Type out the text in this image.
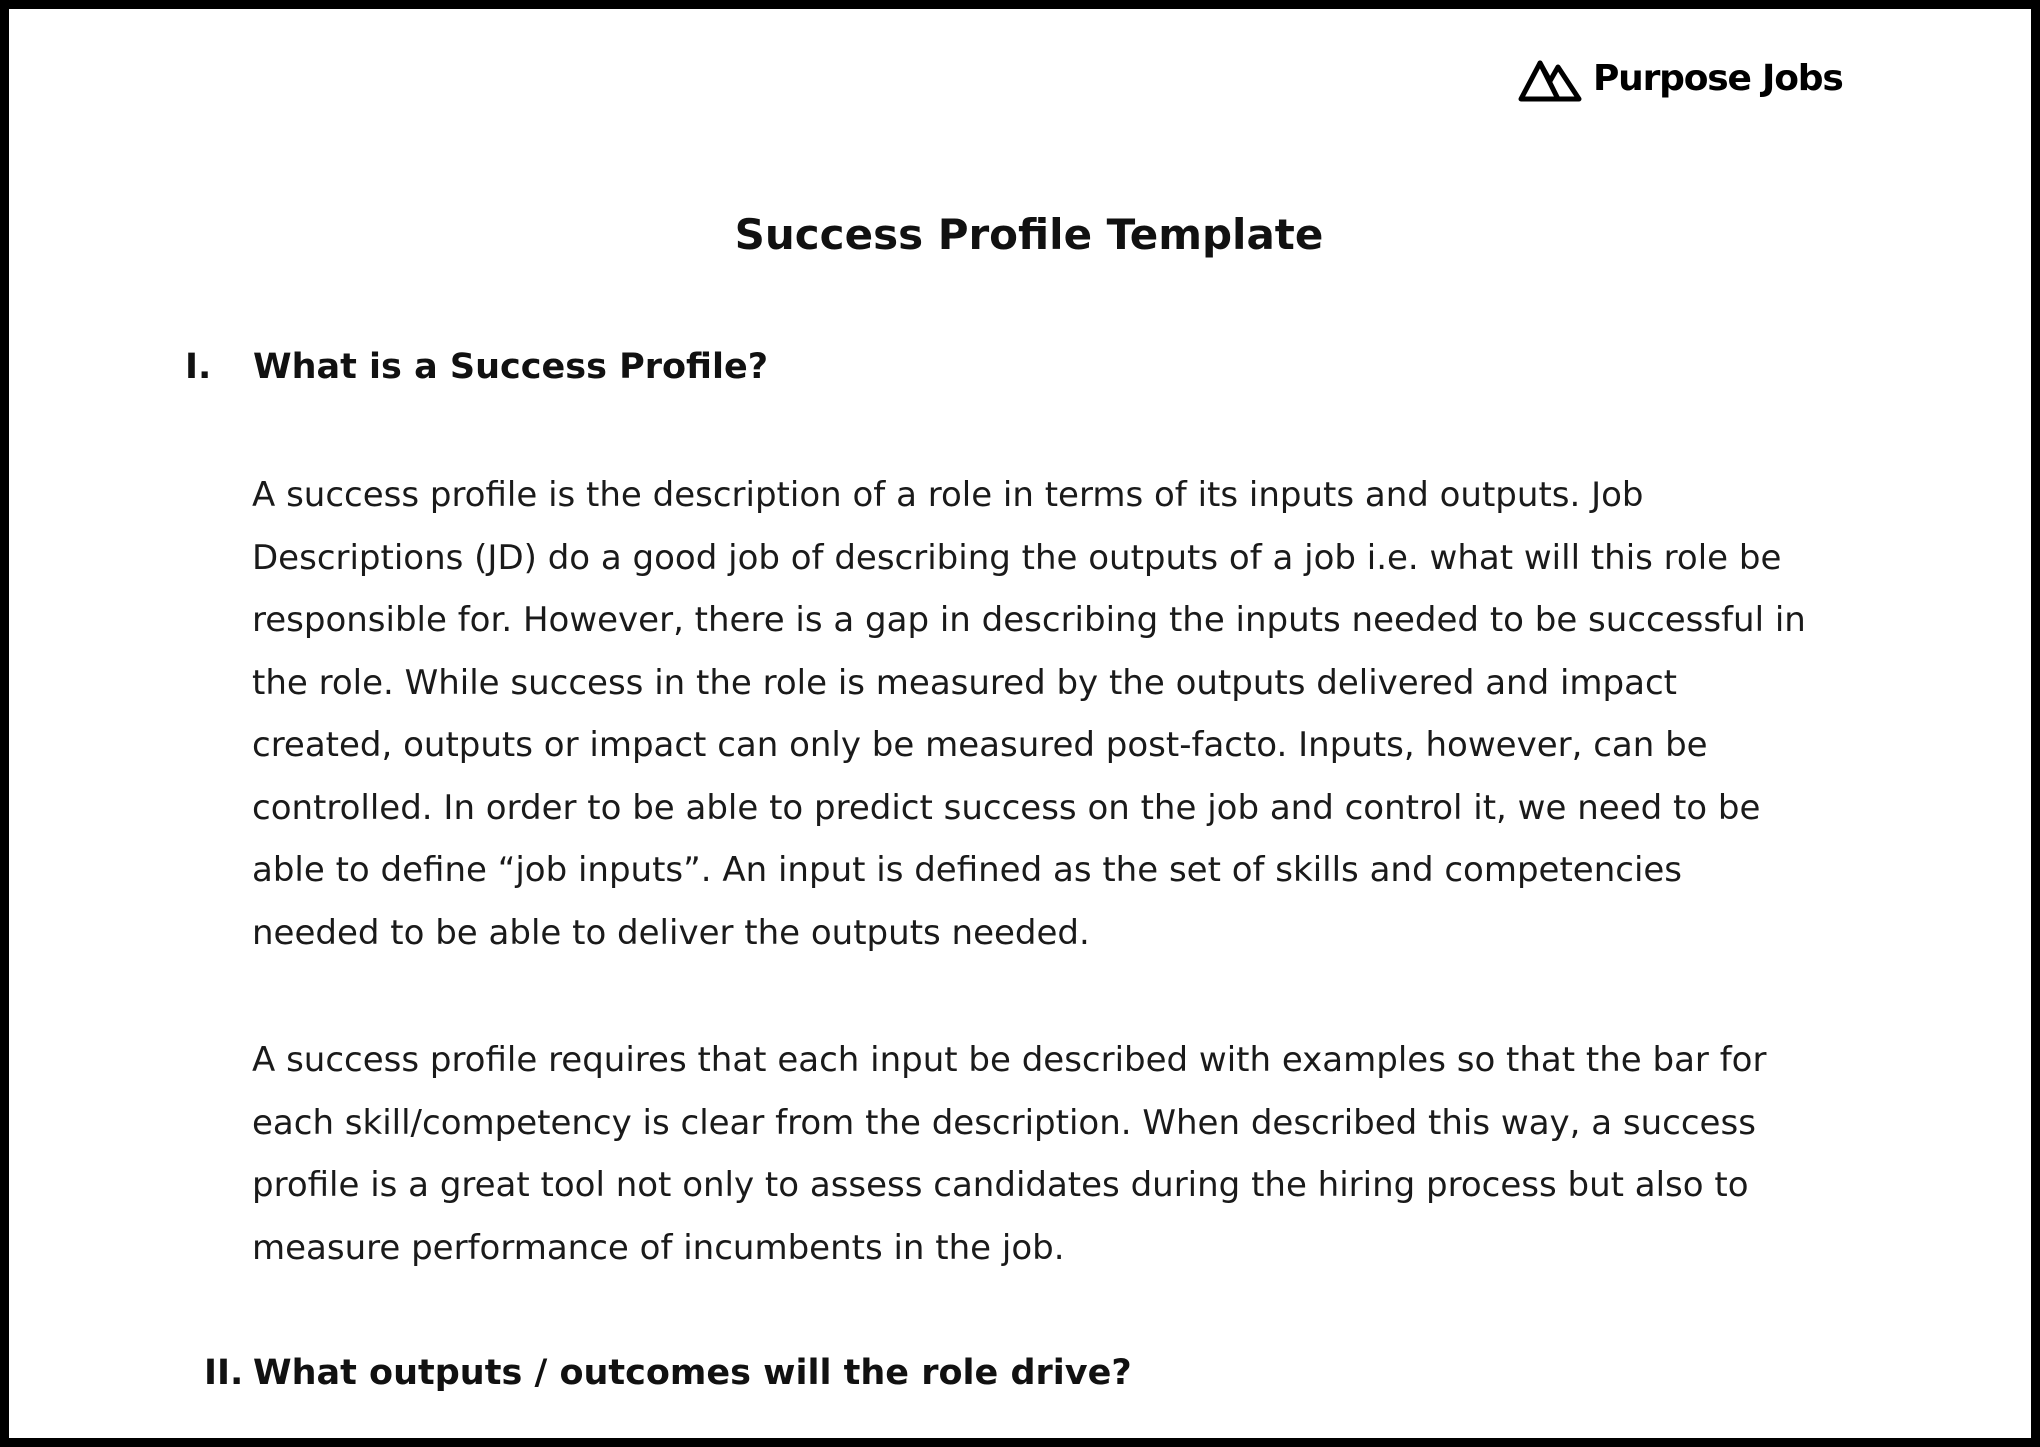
Purpose Jobs
Success Profile Template
I.	What is a Success Profile?

A success profile is the description of a role in terms of its inputs and outputs. Job Descriptions (JD) do a good job of describing the outputs of a job i.e. what will this role be responsible for. However, there is a gap in describing the inputs needed to be successful in the role. While success in the role is measured by the outputs delivered and impact created, outputs or impact can only be measured post-facto. Inputs, however, can be controlled. In order to be able to predict success on the job and control it, we need to be able to define “job inputs”. An input is defined as the set of skills and competencies needed to be able to deliver the outputs needed.

A success profile requires that each input be described with examples so that the bar for each skill/competency is clear from the description. When described this way, a success profile is a great tool not only to assess candidates during the hiring process but also to measure performance of incumbents in the job.

II. What outputs / outcomes will the role drive?
